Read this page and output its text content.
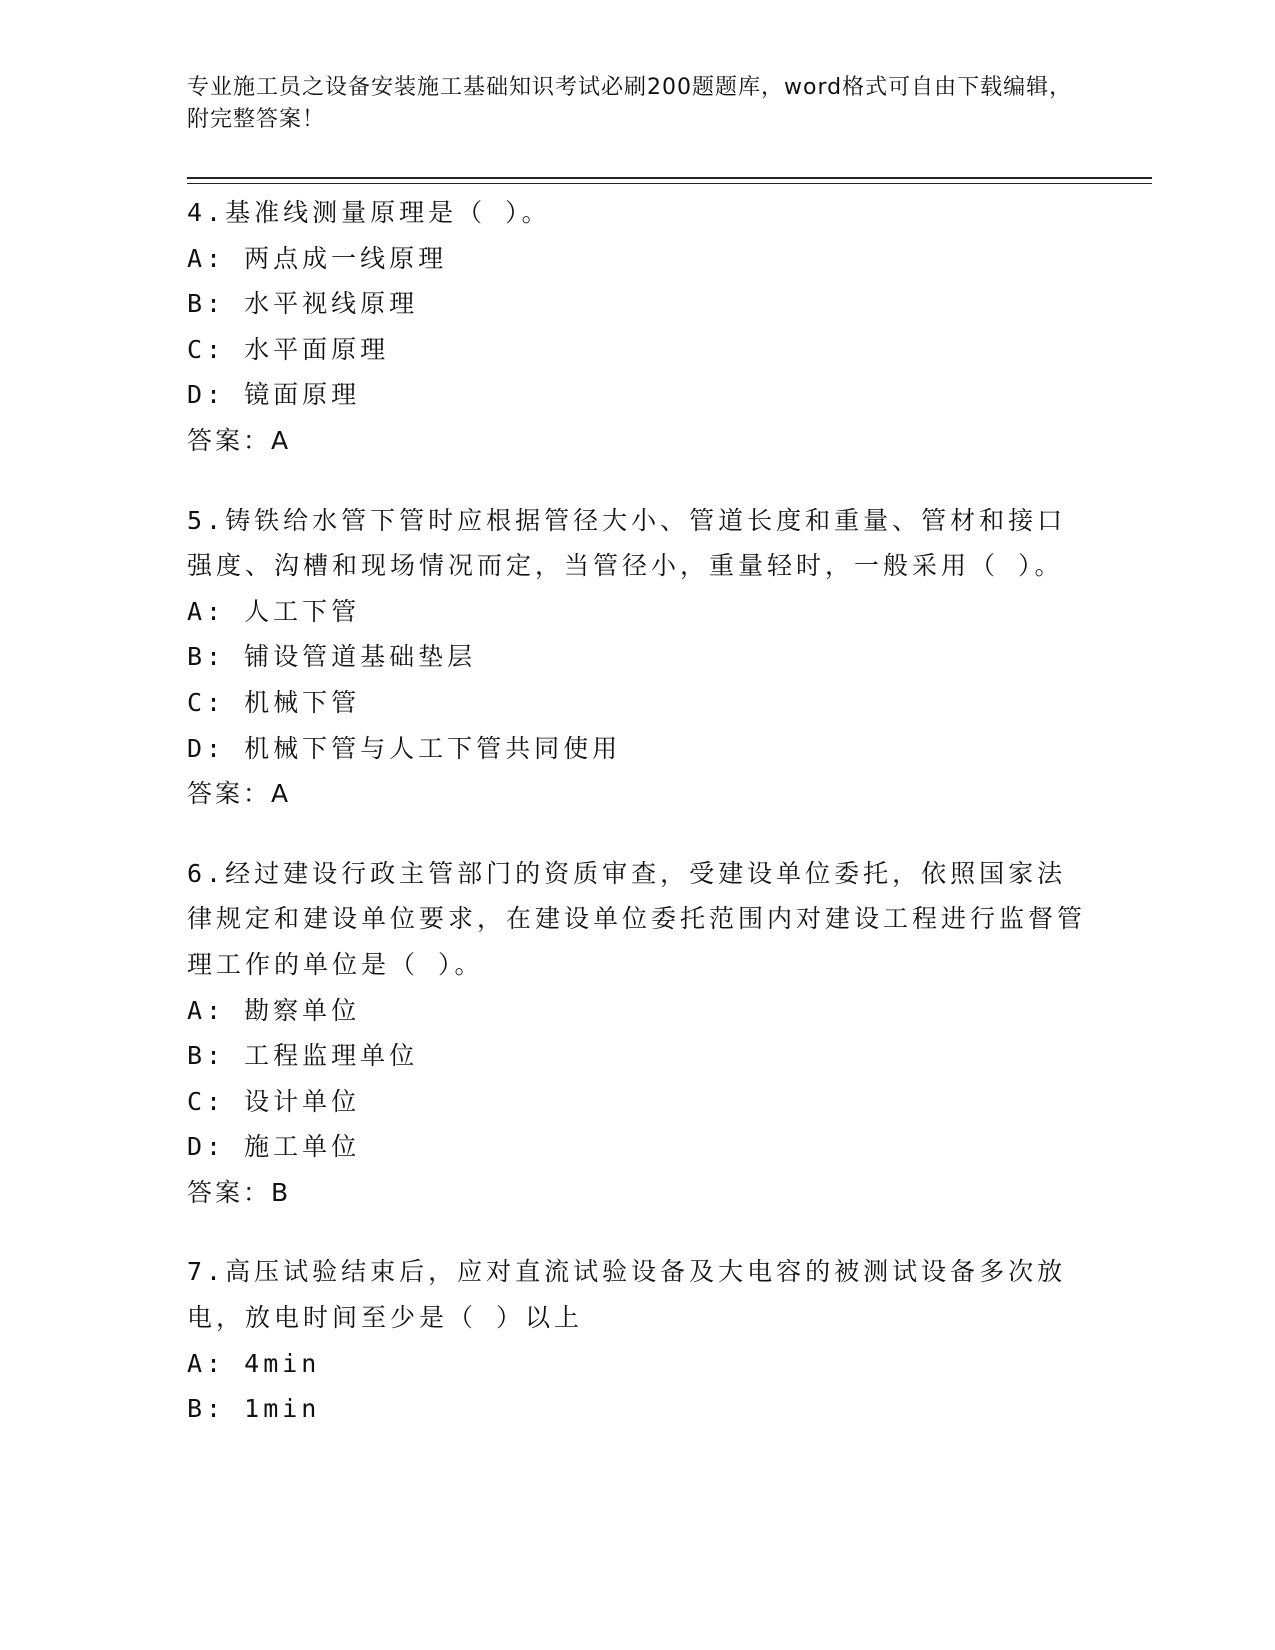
专业施工员之设备安装施工基础知识考试必刷200题题库，word格式可自由下载编辑，附完整答案！
4.基准线测量原理是（ ）。
A: 两点成一线原理
B: 水平视线原理
C: 水平面原理
D: 镜面原理
答案：A
5.铸铁给水管下管时应根据管径大小、管道长度和重量、管材和接口强度、沟槽和现场情况而定，当管径小，重量轻时，一般采用（ ）。
A: 人工下管
B: 铺设管道基础垫层
C: 机械下管
D: 机械下管与人工下管共同使用
答案：A
6.经过建设行政主管部门的资质审查，受建设单位委托，依照国家法律规定和建设单位要求，在建设单位委托范围内对建设工程进行监督管理工作的单位是（ ）。
A: 勘察单位
B: 工程监理单位
C: 设计单位
D: 施工单位
答案：B
7.高压试验结束后，应对直流试验设备及大电容的被测试设备多次放电，放电时间至少是（ ）以上
A: 4min
B: 1min
